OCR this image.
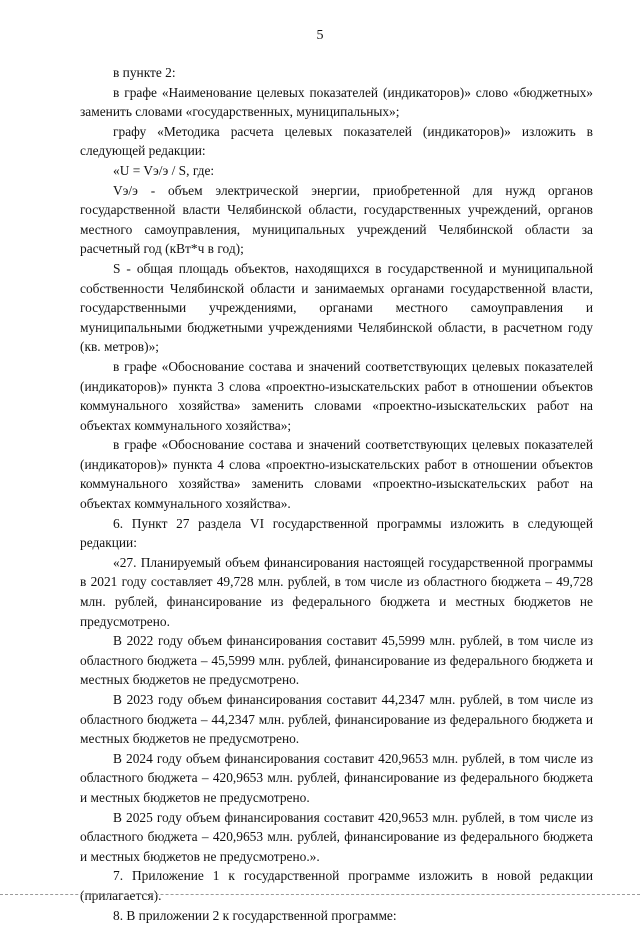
5

в пункте 2:

в графе «Наименование целевых показателей (индикаторов)» слово «бюджетных» заменить словами «государственных, муниципальных»;

графу «Методика расчета целевых показателей (индикаторов)» изложить в следующей редакции:

«U = Vэ/э / S, где:

Vэ/э - объем электрической энергии, приобретенной для нужд органов государственной власти Челябинской области, государственных учреждений, органов местного самоуправления, муниципальных учреждений Челябинской области за расчетный год (кВт*ч в год);

S - общая площадь объектов, находящихся в государственной и муниципальной собственности Челябинской области и занимаемых органами государственной власти, государственными учреждениями, органами местного самоуправления и муниципальными бюджетными учреждениями Челябинской области, в расчетном году (кв. метров)»;

в графе «Обоснование состава и значений соответствующих целевых показателей (индикаторов)» пункта 3 слова «проектно-изыскательских работ в отношении объектов коммунального хозяйства» заменить словами «проектно-изыскательских работ на объектах коммунального хозяйства»;

в графе «Обоснование состава и значений соответствующих целевых показателей (индикаторов)» пункта 4 слова «проектно-изыскательских работ в отношении объектов коммунального хозяйства» заменить словами «проектно-изыскательских работ на объектах коммунального хозяйства».

6. Пункт 27 раздела VI государственной программы изложить в следующей редакции:

«27. Планируемый объем финансирования настоящей государственной программы в 2021 году составляет 49,728 млн. рублей, в том числе из областного бюджета – 49,728 млн. рублей, финансирование из федерального бюджета и местных бюджетов не предусмотрено.

В 2022 году объем финансирования составит 45,5999 млн. рублей, в том числе из областного бюджета – 45,5999 млн. рублей, финансирование из федерального бюджета и местных бюджетов не предусмотрено.

В 2023 году объем финансирования составит 44,2347 млн. рублей, в том числе из областного бюджета – 44,2347 млн. рублей, финансирование из федерального бюджета и местных бюджетов не предусмотрено.

В 2024 году объем финансирования составит 420,9653 млн. рублей, в том числе из областного бюджета – 420,9653 млн. рублей, финансирование из федерального бюджета и местных бюджетов не предусмотрено.

В 2025 году объем финансирования составит 420,9653 млн. рублей, в том числе из областного бюджета – 420,9653 млн. рублей, финансирование из федерального бюджета и местных бюджетов не предусмотрено.».

7. Приложение 1 к государственной программе изложить в новой редакции (прилагается).

8. В приложении 2 к государственной программе:
